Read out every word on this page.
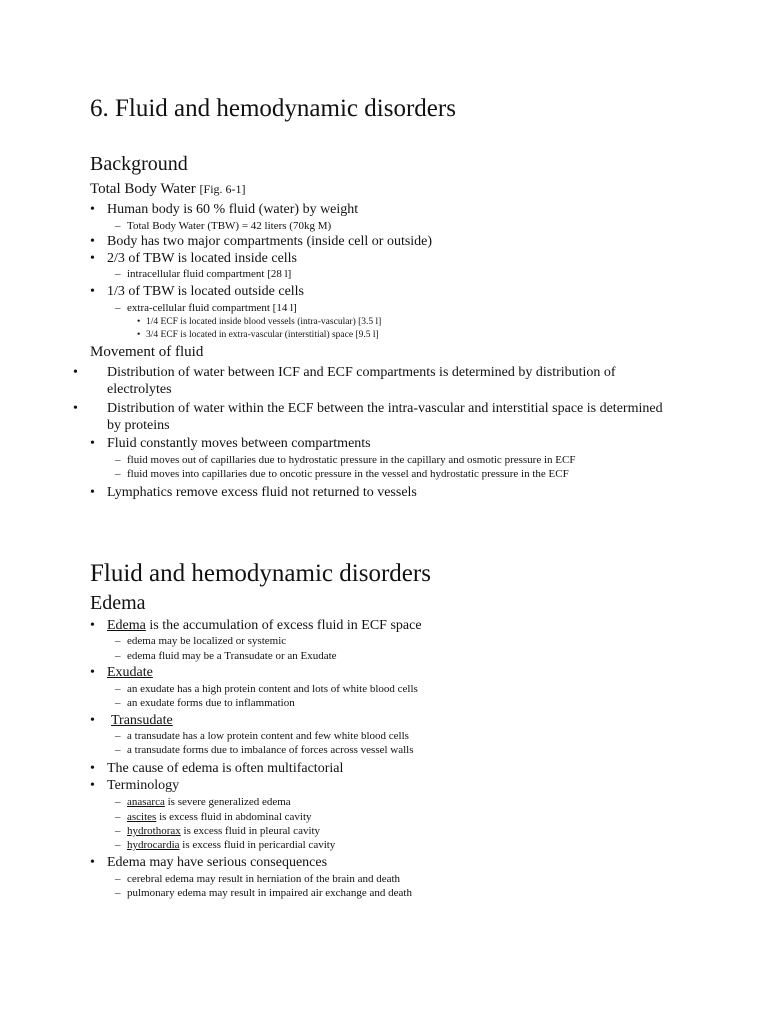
6. Fluid and hemodynamic disorders
Background
Total Body Water [Fig. 6-1]
• Human body is 60 % fluid (water) by weight
– Total Body Water (TBW) = 42 liters (70kg M)
• Body has two major compartments (inside cell or outside)
• 2/3 of TBW is located inside cells
– intracellular fluid compartment [28 l]
• 1/3 of TBW is located outside cells
– extra-cellular fluid compartment [14 l]
• 1/4 ECF is located inside blood vessels (intra-vascular) [3.5 l]
• 3/4 ECF is located in extra-vascular (interstitial) space [9.5 l]
Movement of fluid
• Distribution of water between ICF and ECF compartments is determined by distribution of electrolytes
• Distribution of water within the ECF between the intra-vascular and interstitial space is determined by proteins
• Fluid constantly moves between compartments
– fluid moves out of capillaries due to hydrostatic pressure in the capillary and osmotic pressure in ECF
– fluid moves into capillaries due to oncotic pressure in the vessel and hydrostatic pressure in the ECF
• Lymphatics remove excess fluid not returned to vessels
Fluid and hemodynamic disorders
Edema
• Edema is the accumulation of excess fluid in ECF space
– edema may be localized or systemic
– edema fluid may be a Transudate or an Exudate
• Exudate
– an exudate has a high protein content and lots of white blood cells
– an exudate forms due to inflammation
• Transudate
– a transudate has a low protein content and few white blood cells
– a transudate forms due to imbalance of forces across vessel walls
• The cause of edema is often multifactorial
• Terminology
– anasarca is severe generalized edema
– ascites is excess fluid in abdominal cavity
– hydrothorax is excess fluid in pleural cavity
– hydrocardia is excess fluid in pericardial cavity
• Edema may have serious consequences
– cerebral edema may result in herniation of the brain and death
– pulmonary edema may result in impaired air exchange and death
